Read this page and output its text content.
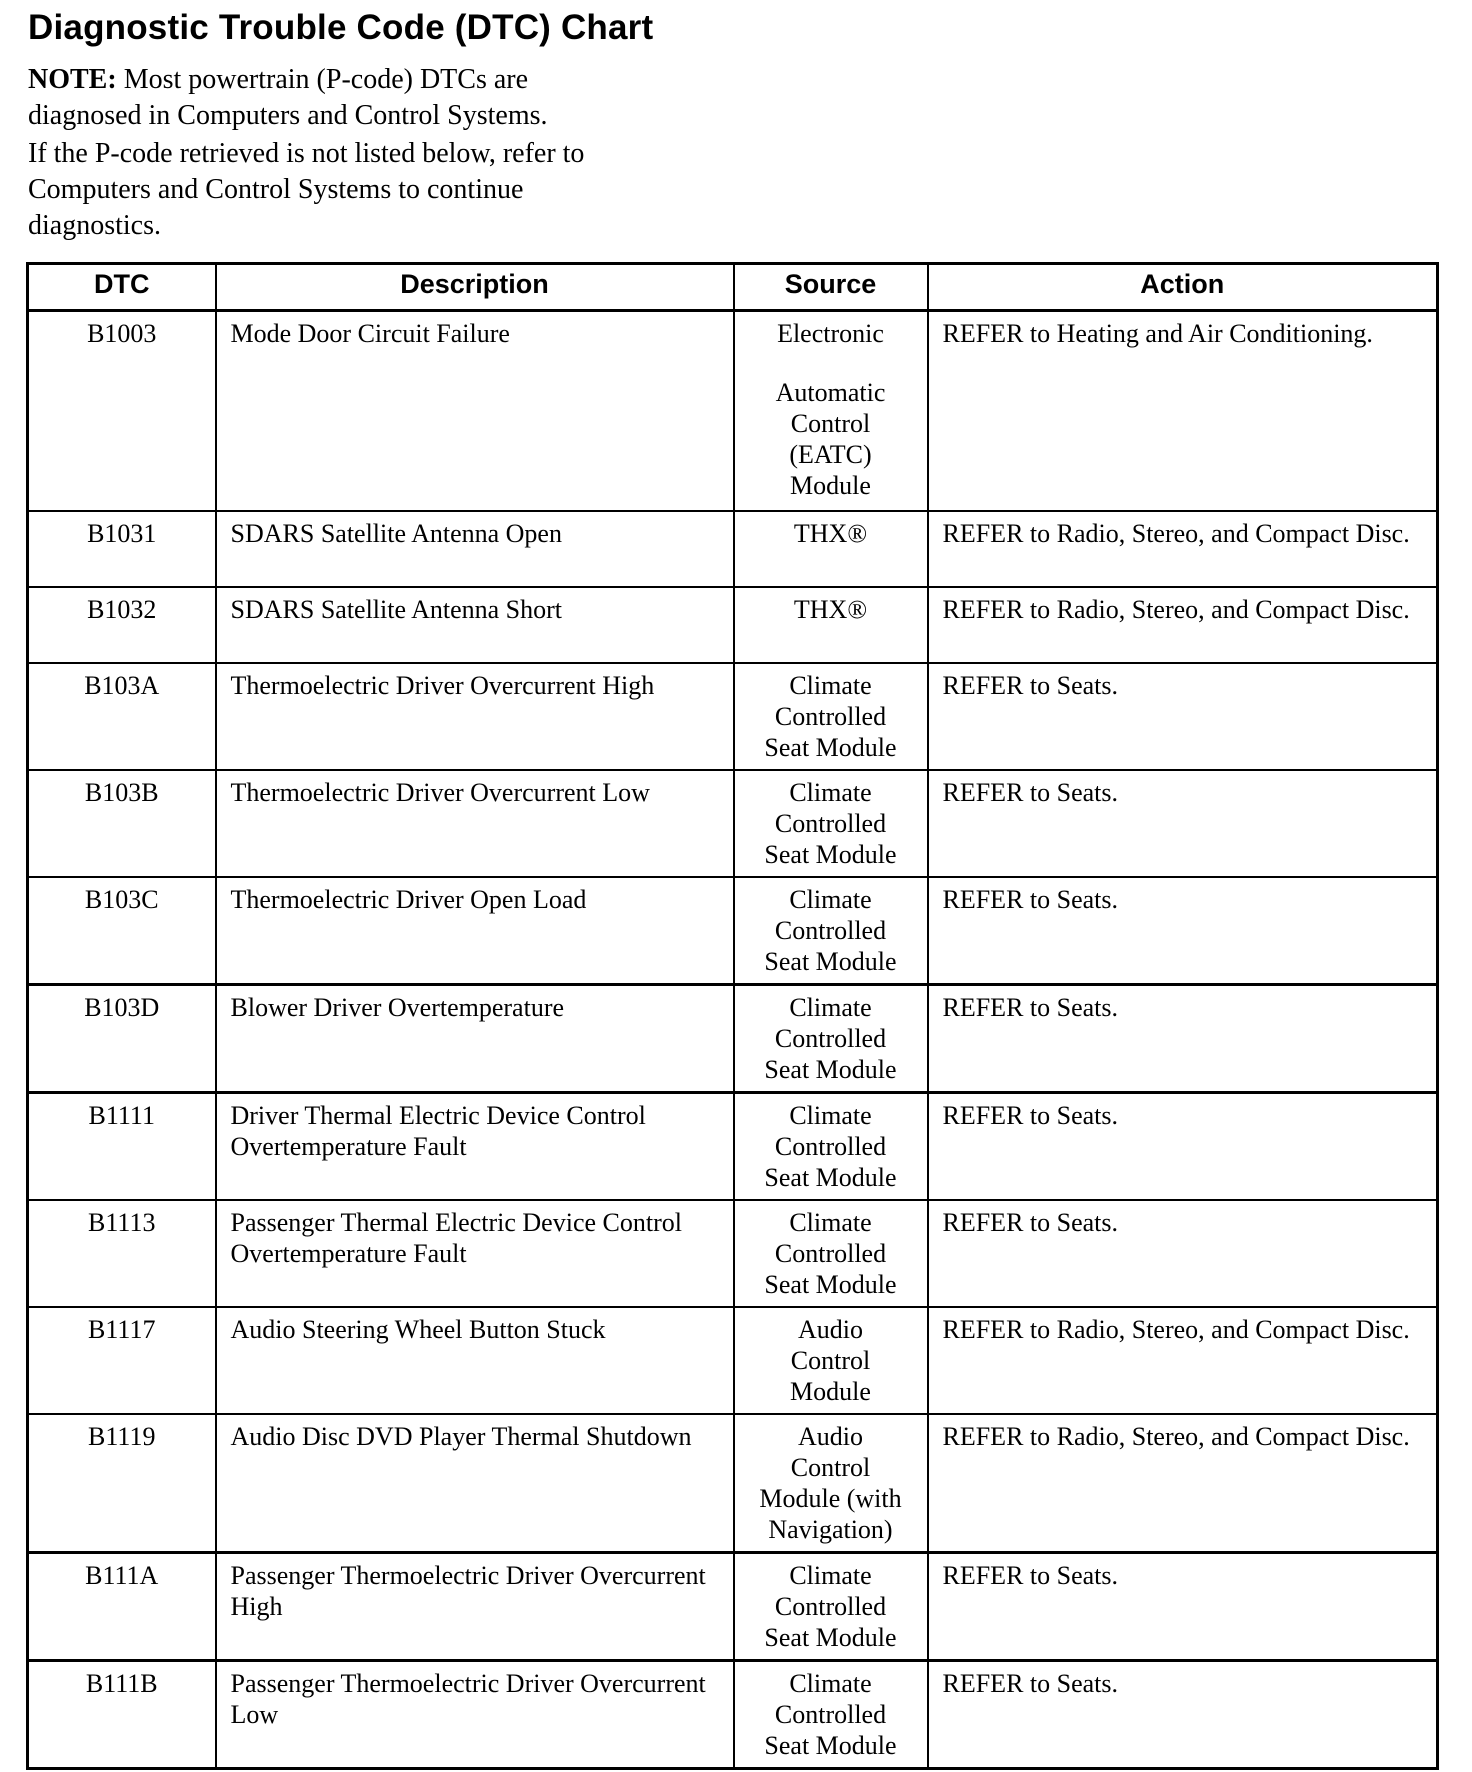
Diagnostic Trouble Code (DTC) Chart
NOTE: Most powertrain (P-code) DTCs are
diagnosed in Computers and Control Systems.
If the P-code retrieved is not listed below, refer to
Computers and Control Systems to continue
diagnostics.
DTC	Description	Source	Action
B1003	Mode Door Circuit Failure	Electronic
Automatic
Control
(EATC)
Module	REFER to Heating and Air Conditioning.
B1031	SDARS Satellite Antenna Open	THX®	REFER to Radio, Stereo, and Compact Disc.
B1032	SDARS Satellite Antenna Short	THX®	REFER to Radio, Stereo, and Compact Disc.
B103A	Thermoelectric Driver Overcurrent High	Climate
Controlled
Seat Module	REFER to Seats.
B103B	Thermoelectric Driver Overcurrent Low	Climate
Controlled
Seat Module	REFER to Seats.
B103C	Thermoelectric Driver Open Load	Climate
Controlled
Seat Module	REFER to Seats.
B103D	Blower Driver Overtemperature	Climate
Controlled
Seat Module	REFER to Seats.
B1111	Driver Thermal Electric Device Control Overtemperature Fault	Climate
Controlled
Seat Module	REFER to Seats.
B1113	Passenger Thermal Electric Device Control Overtemperature Fault	Climate
Controlled
Seat Module	REFER to Seats.
B1117	Audio Steering Wheel Button Stuck	Audio
Control
Module	REFER to Radio, Stereo, and Compact Disc.
B1119	Audio Disc DVD Player Thermal Shutdown	Audio
Control
Module (with
Navigation)	REFER to Radio, Stereo, and Compact Disc.
B111A	Passenger Thermoelectric Driver Overcurrent High	Climate
Controlled
Seat Module	REFER to Seats.
B111B	Passenger Thermoelectric Driver Overcurrent Low	Climate
Controlled
Seat Module	REFER to Seats.
